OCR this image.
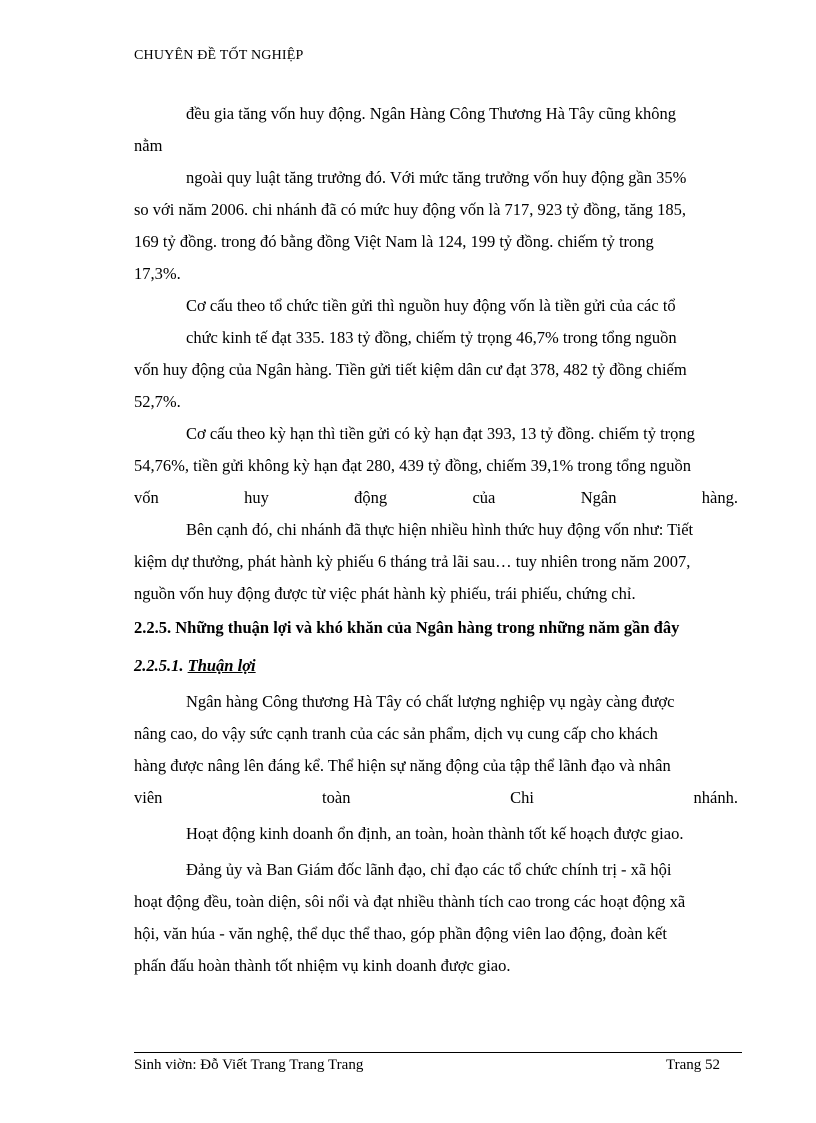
CHUYÊN ĐỀ TỐT NGHIỆP
đều gia tăng vốn huy động. Ngân Hàng Công Thương Hà Tây cũng không
nằm
ngoài quy luật tăng trưởng đó. Với mức tăng trưởng vốn huy động gần 35%
so với năm 2006. chi nhánh đã có mức huy động vốn là 717, 923 tỷ đồng, tăng 185,
169 tỷ đồng. trong đó bằng đồng Việt Nam là 124, 199 tỷ đồng. chiếm tỷ trong
17,3%.
Cơ cấu theo tổ chức tiền gửi thì nguồn huy động vốn là tiền gửi của các tổ
chức kinh tế đạt 335. 183 tỷ đồng, chiếm tỷ trọng 46,7% trong tổng nguồn
vốn huy động của Ngân hàng. Tiền gửi tiết kiệm dân cư đạt 378, 482 tỷ đồng chiếm
52,7%.
Cơ cấu theo kỳ hạn thì tiền gửi có kỳ hạn đạt 393, 13 tỷ đồng. chiếm tỷ trọng
54,76%, tiền gửi không kỳ hạn đạt 280, 439 tỷ đồng, chiếm 39,1% trong tổng nguồn
vốn	huy	động	của	Ngân	hàng.
Bên cạnh đó, chi nhánh đã thực hiện nhiều hình thức huy động vốn như: Tiết
kiệm dự thưởng, phát hành kỳ phiếu 6 tháng trả lãi sau… tuy nhiên trong năm 2007,
nguồn vốn huy động được từ việc phát hành kỳ phiếu, trái phiếu, chứng chỉ.
2.2.5. Những thuận lợi và khó khăn của Ngân hàng trong những năm gần đây
2.2.5.1. Thuận lợi
Ngân hàng Công thương Hà Tây có chất lượng nghiệp vụ ngày càng được
nâng cao, do vậy sức cạnh tranh của các sản phẩm, dịch vụ cung cấp cho khách
hàng được nâng lên đáng kể. Thể hiện sự năng động của tập thể lãnh đạo và nhân
viên	toàn	Chi	nhánh.
Hoạt động kinh doanh ổn định, an toàn, hoàn thành tốt kế hoạch được giao.
Đảng ủy và Ban Giám đốc lãnh đạo, chỉ đạo các tổ chức chính trị - xã hội
hoạt động đều, toàn diện, sôi nổi và đạt nhiều thành tích cao trong các hoạt động xã
hội, văn húa - văn nghệ, thể dục thể thao, góp phần động viên lao động, đoàn kết
phấn đấu hoàn thành tốt nhiệm vụ kinh doanh được giao.
Sinh viờn: Đỗ Viết Trang Trang Trang	Trang 52
